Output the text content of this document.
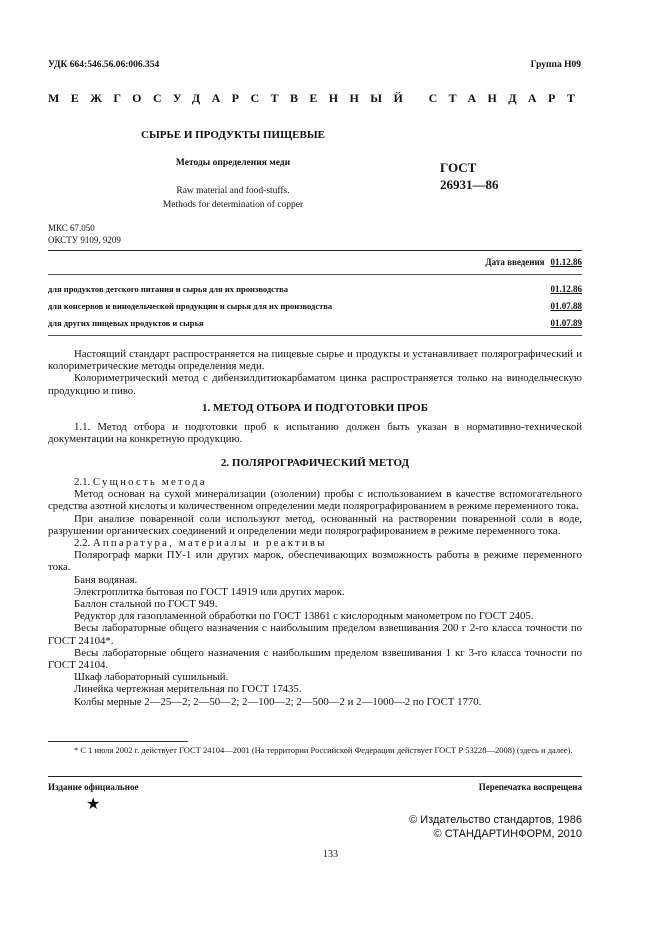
УДК 664:546.56.06:006.354	Группа Н09
МЕЖГОСУДАРСТВЕННЫЙ СТАНДАРТ
СЫРЬЕ И ПРОДУКТЫ ПИЩЕВЫЕ
Методы определения меди	ГОСТ
26931—86
Raw material and food-stuffs.
Methods for determination of copper
МКС 67.050
ОКСТУ 9109, 9209
Дата введения 01.12.86
для продуктов детского питания и сырья для их производства	01.12.86
для консервов и винодельческой продукции и сырья для их производства	01.07.88
для других пищевых продуктов и сырья	01.07.89

Настоящий стандарт распространяется на пищевые сырье и продукты и устанавливает полярографический и колориметрические методы определения меди.

Колориметрический метод с дибензилдитиокарбаматом цинка распространяется только на винодельческую продукцию и пиво.

1. МЕТОД ОТБОРА И ПОДГОТОВКИ ПРОБ

1.1. Метод отбора и подготовки проб к испытанию должен быть указан в нормативно-технической документации на конкретную продукцию.

2. ПОЛЯРОГРАФИЧЕСКИЙ МЕТОД

2.1. Сущность метода

Метод основан на сухой минерализации (озолении) пробы с использованием в качестве вспомогательного средства азотной кислоты и количественном определении меди полярографированием в режиме переменного тока.

При анализе поваренной соли используют метод, основанный на растворении поваренной соли в воде, разрушении органических соединений и определении меди полярографированием в режиме переменного тока.

2.2. Аппаратура, материалы и реактивы

Полярограф марки ПУ-1 или других марок, обеспечивающих возможность работы в режиме переменного тока.

Баня водяная.

Электроплитка бытовая по ГОСТ 14919 или других марок.

Баллон стальной по ГОСТ 949.

Редуктор для газопламенной обработки по ГОСТ 13861 с кислородным манометром по ГОСТ 2405.

Весы лабораторные общего назначения с наибольшим пределом взвешивания 200 г 2-го класса точности по ГОСТ 24104*.

Весы лабораторные общего назначения с наибольшим пределом взвешивания 1 кг 3-го класса точности по ГОСТ 24104.

Шкаф лабораторный сушильный.

Линейка чертежная мерительная по ГОСТ 17435.

Колбы мерные 2—25—2; 2—50—2; 2—100—2; 2—500—2 и 2—1000—2 по ГОСТ 1770.

* С 1 июля 2002 г. действует ГОСТ 24104—2001 (На территории Российской Федерации действует ГОСТ Р 53228—2008) (здесь и далее).

Издание официальное	Перепечатка воспрещена
★
© Издательство стандартов, 1986
© СТАНДАРТИНФОРМ, 2010
133
